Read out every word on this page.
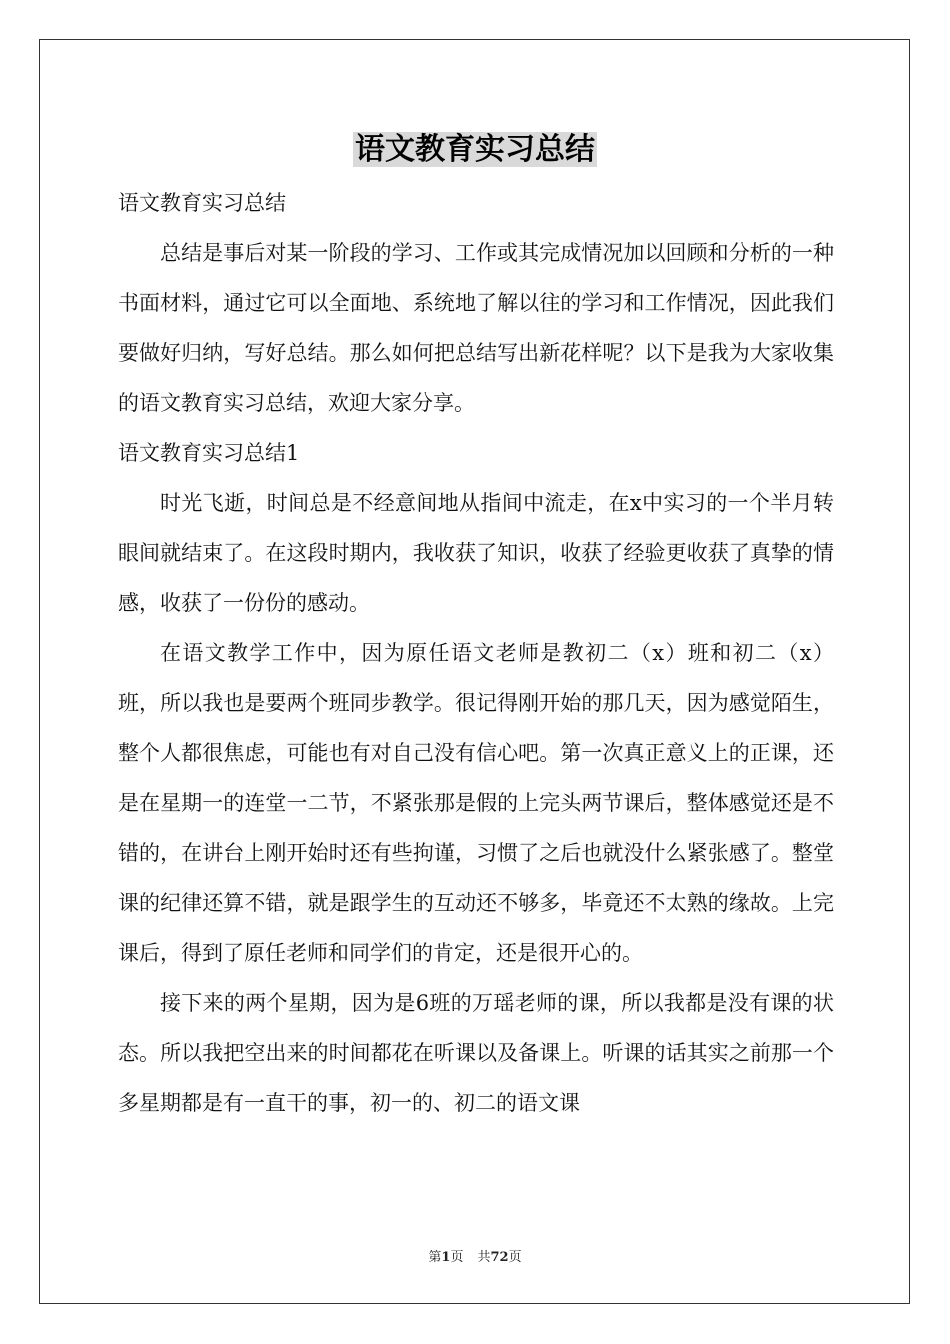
语文教育实习总结

语文教育实习总结

总结是事后对某一阶段的学习、工作或其完成情况加以回顾和分析的一种书面材料，通过它可以全面地、系统地了解以往的学习和工作情况，因此我们要做好归纳，写好总结。那么如何把总结写出新花样呢？以下是我为大家收集的语文教育实习总结，欢迎大家分享。

语文教育实习总结1

时光飞逝，时间总是不经意间地从指间中流走，在x中实习的一个半月转眼间就结束了。在这段时期内，我收获了知识，收获了经验更收获了真挚的情感，收获了一份份的感动。

在语文教学工作中，因为原任语文老师是教初二（x）班和初二（x）班，所以我也是要两个班同步教学。很记得刚开始的那几天，因为感觉陌生，整个人都很焦虑，可能也有对自己没有信心吧。第一次真正意义上的正课，还是在星期一的连堂一二节，不紧张那是假的上完头两节课后，整体感觉还是不错的，在讲台上刚开始时还有些拘谨，习惯了之后也就没什么紧张感了。整堂课的纪律还算不错，就是跟学生的互动还不够多，毕竟还不太熟的缘故。上完课后，得到了原任老师和同学们的肯定，还是很开心的。

接下来的两个星期，因为是6班的万瑶老师的课，所以我都是没有课的状态。所以我把空出来的时间都花在听课以及备课上。听课的话其实之前那一个多星期都是有一直干的事，初一的、初二的语文课

第1页 共72页
